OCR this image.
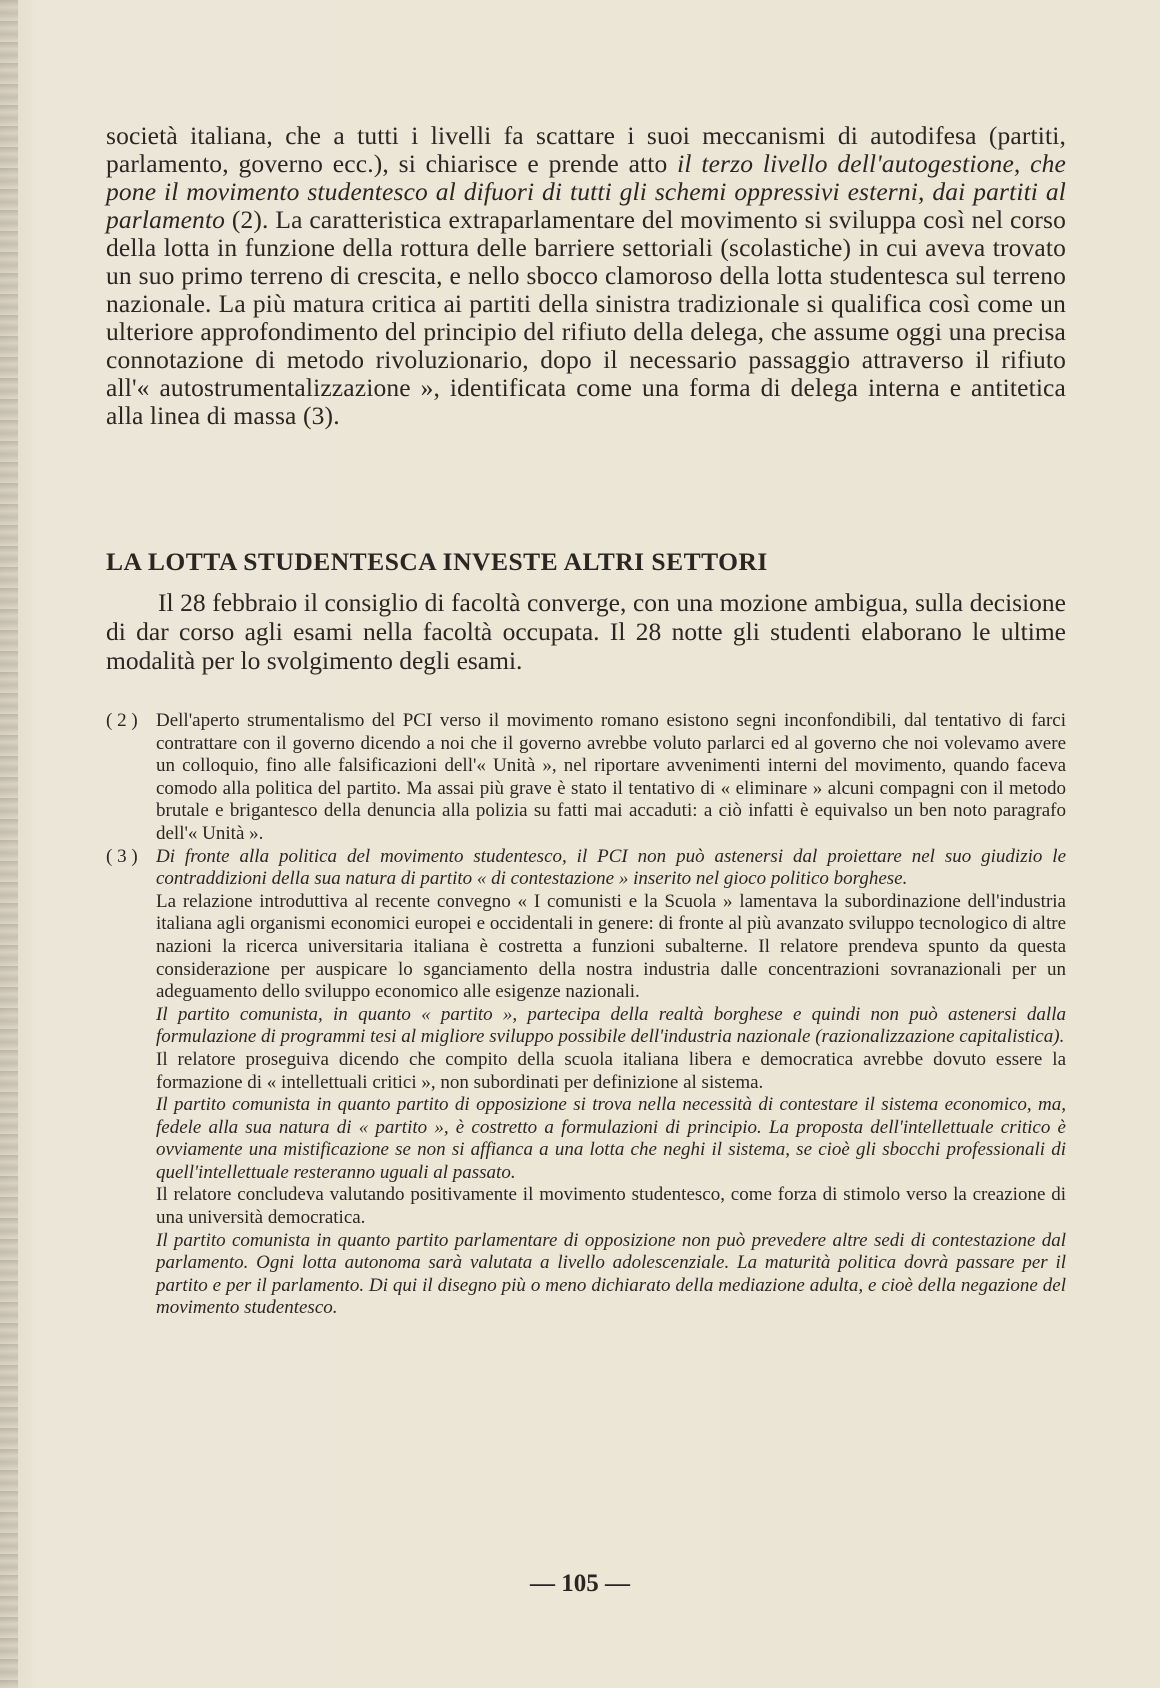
società italiana, che a tutti i livelli fa scattare i suoi meccanismi di autodifesa (partiti, parlamento, governo ecc.), si chiarisce e prende atto il terzo livello dell'autogestione, che pone il movimento studentesco al difuori di tutti gli schemi oppressivi esterni, dai partiti al parlamento (2). La caratteristica extraparlamentare del movimento si sviluppa così nel corso della lotta in funzione della rottura delle barriere settoriali (scolastiche) in cui aveva trovato un suo primo terreno di crescita, e nello sbocco clamoroso della lotta studentesca sul terreno nazionale. La più matura critica ai partiti della sinistra tradizionale si qualifica così come un ulteriore approfondimento del principio del rifiuto della delega, che assume oggi una precisa connotazione di metodo rivoluzionario, dopo il necessario passaggio attraverso il rifiuto all'« autostrumentalizzazione », identificata come una forma di delega interna e antitetica alla linea di massa (3).

LA LOTTA STUDENTESCA INVESTE ALTRI SETTORI

Il 28 febbraio il consiglio di facoltà converge, con una mozione ambigua, sulla decisione di dar corso agli esami nella facoltà occupata. Il 28 notte gli studenti elaborano le ultime modalità per lo svolgimento degli esami.

( 2 ) Dell'aperto strumentalismo del PCI verso il movimento romano esistono segni inconfondibili, dal tentativo di farci contrattare con il governo dicendo a noi che il governo avrebbe voluto parlarci ed al governo che noi volevamo avere un colloquio, fino alle falsificazioni dell'« Unità », nel riportare avvenimenti interni del movimento, quando faceva comodo alla politica del partito. Ma assai più grave è stato il tentativo di « eliminare » alcuni compagni con il metodo brutale e brigantesco della denuncia alla polizia su fatti mai accaduti: a ciò infatti è equivalso un ben noto paragrafo dell'« Unità ».

( 3 ) Di fronte alla politica del movimento studentesco, il PCI non può astenersi dal proiettare nel suo giudizio le contraddizioni della sua natura di partito « di contestazione » inserito nel gioco politico borghese.

La relazione introduttiva al recente convegno « I comunisti e la Scuola » lamentava la subordinazione dell'industria italiana agli organismi economici europei e occidentali in genere: di fronte al più avanzato sviluppo tecnologico di altre nazioni la ricerca universitaria italiana è costretta a funzioni subalterne. Il relatore prendeva spunto da questa considerazione per auspicare lo sganciamento della nostra industria dalle concentrazioni sovranazionali per un adeguamento dello sviluppo economico alle esigenze nazionali.

Il partito comunista, in quanto « partito », partecipa della realtà borghese e quindi non può astenersi dalla formulazione di programmi tesi al migliore sviluppo possibile dell'industria nazionale (razionalizzazione capitalistica).

Il relatore proseguiva dicendo che compito della scuola italiana libera e democratica avrebbe dovuto essere la formazione di « intellettuali critici », non subordinati per definizione al sistema.

Il partito comunista in quanto partito di opposizione si trova nella necessità di contestare il sistema economico, ma, fedele alla sua natura di « partito », è costretto a formulazioni di principio. La proposta dell'intellettuale critico è ovviamente una mistificazione se non si affianca a una lotta che neghi il sistema, se cioè gli sbocchi professionali di quell'intellettuale resteranno uguali al passato.

Il relatore concludeva valutando positivamente il movimento studentesco, come forza di stimolo verso la creazione di una università democratica.

Il partito comunista in quanto partito parlamentare di opposizione non può prevedere altre sedi di contestazione dal parlamento. Ogni lotta autonoma sarà valutata a livello adolescenziale. La maturità politica dovrà passare per il partito e per il parlamento. Di qui il disegno più o meno dichiarato della mediazione adulta, e cioè della negazione del movimento studentesco.

— 105 —
